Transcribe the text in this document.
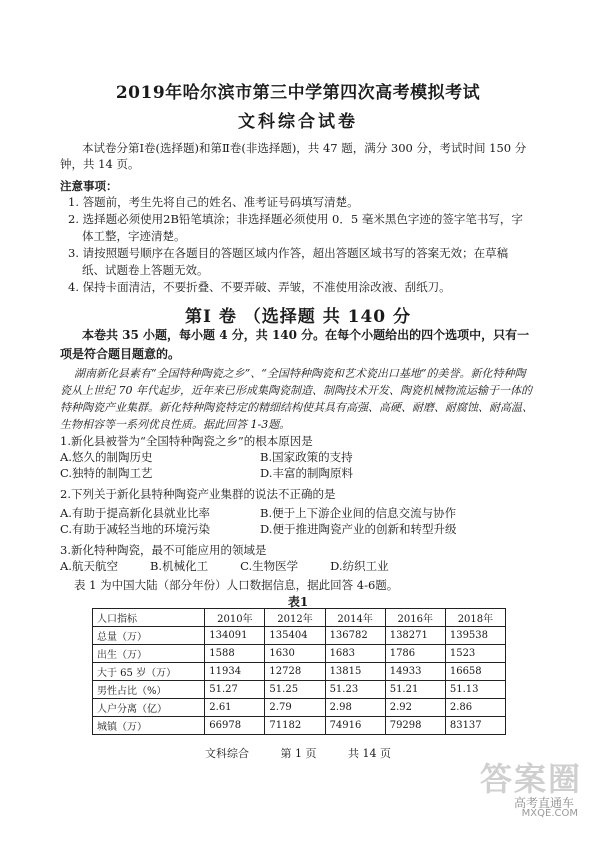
2019年哈尔滨市第三中学第四次高考模拟考试
文科综合试卷
本试卷分第Ⅰ卷(选择题)和第Ⅱ卷(非选择题)，共 47 题，满分 300 分，考试时间 150 分钟，共 14 页。
注意事项：
1. 答题前，考生先将自己的姓名、准考证号码填写清楚。
2. 选择题必须使用2B铅笔填涂；非选择题必须使用 0．5 毫米黑色字迹的签字笔书写，字体工整，字迹清楚。
3. 请按照题号顺序在各题目的答题区域内作答，超出答题区域书写的答案无效；在草稿纸、试题卷上答题无效。
4. 保持卡面清洁，不要折叠、不要弄破、弄皱，不准使用涂改液、刮纸刀。
第Ⅰ 卷 （选择题 共 140 分
本卷共 35 小题，每小题 4 分，共 140 分。在每个小题给出的四个选项中，只有一项是符合题目题意的。
湖南新化县素有“全国特种陶瓷之乡”、“全国特种陶瓷和艺术瓷出口基地”的美誉。新化特种陶瓷从上世纪 70 年代起步，近年来已形成集陶瓷制造、制陶技术开发、陶瓷机械物流运输于一体的特种陶瓷产业集群。新化特种陶瓷特定的精细结构使其具有高强、高硬、耐磨、耐腐蚀、耐高温、生物相容等一系列优良性质。据此回答 1-3题。
1.新化县被誉为“全国特种陶瓷之乡”的根本原因是
A.悠久的制陶历史	B.国家政策的支持
C.独特的制陶工艺	D.丰富的制陶原料
2.下列关于新化县特种陶瓷产业集群的说法不正确的是
A.有助于提高新化县就业比率	B.便于上下游企业间的信息交流与协作
C.有助于减轻当地的环境污染	D.便于推进陶瓷产业的创新和转型升级
3.新化特种陶瓷，最不可能应用的领域是
A.航天航空	B.机械化工	C.生物医学	D.纺织工业
表 1 为中国大陆（部分年份）人口数据信息，据此回答 4-6题。
表1
人口指标	2010年	2012年	2014年	2016年	2018年
总量（万）	134091	135404	136782	138271	139538
出生（万）	1588	1630	1683	1786	1523
大于 65 岁（万）	11934	12728	13815	14933	16658
男性占比（%）	51.27	51.25	51.23	51.21	51.13
人户分离（亿）	2.61	2.79	2.98	2.92	2.86
城镇（万）	66978	71182	74916	79298	83137
文科综合	第 1 页	共 14 页
答案圈
高考直通车
MXQE.COM
